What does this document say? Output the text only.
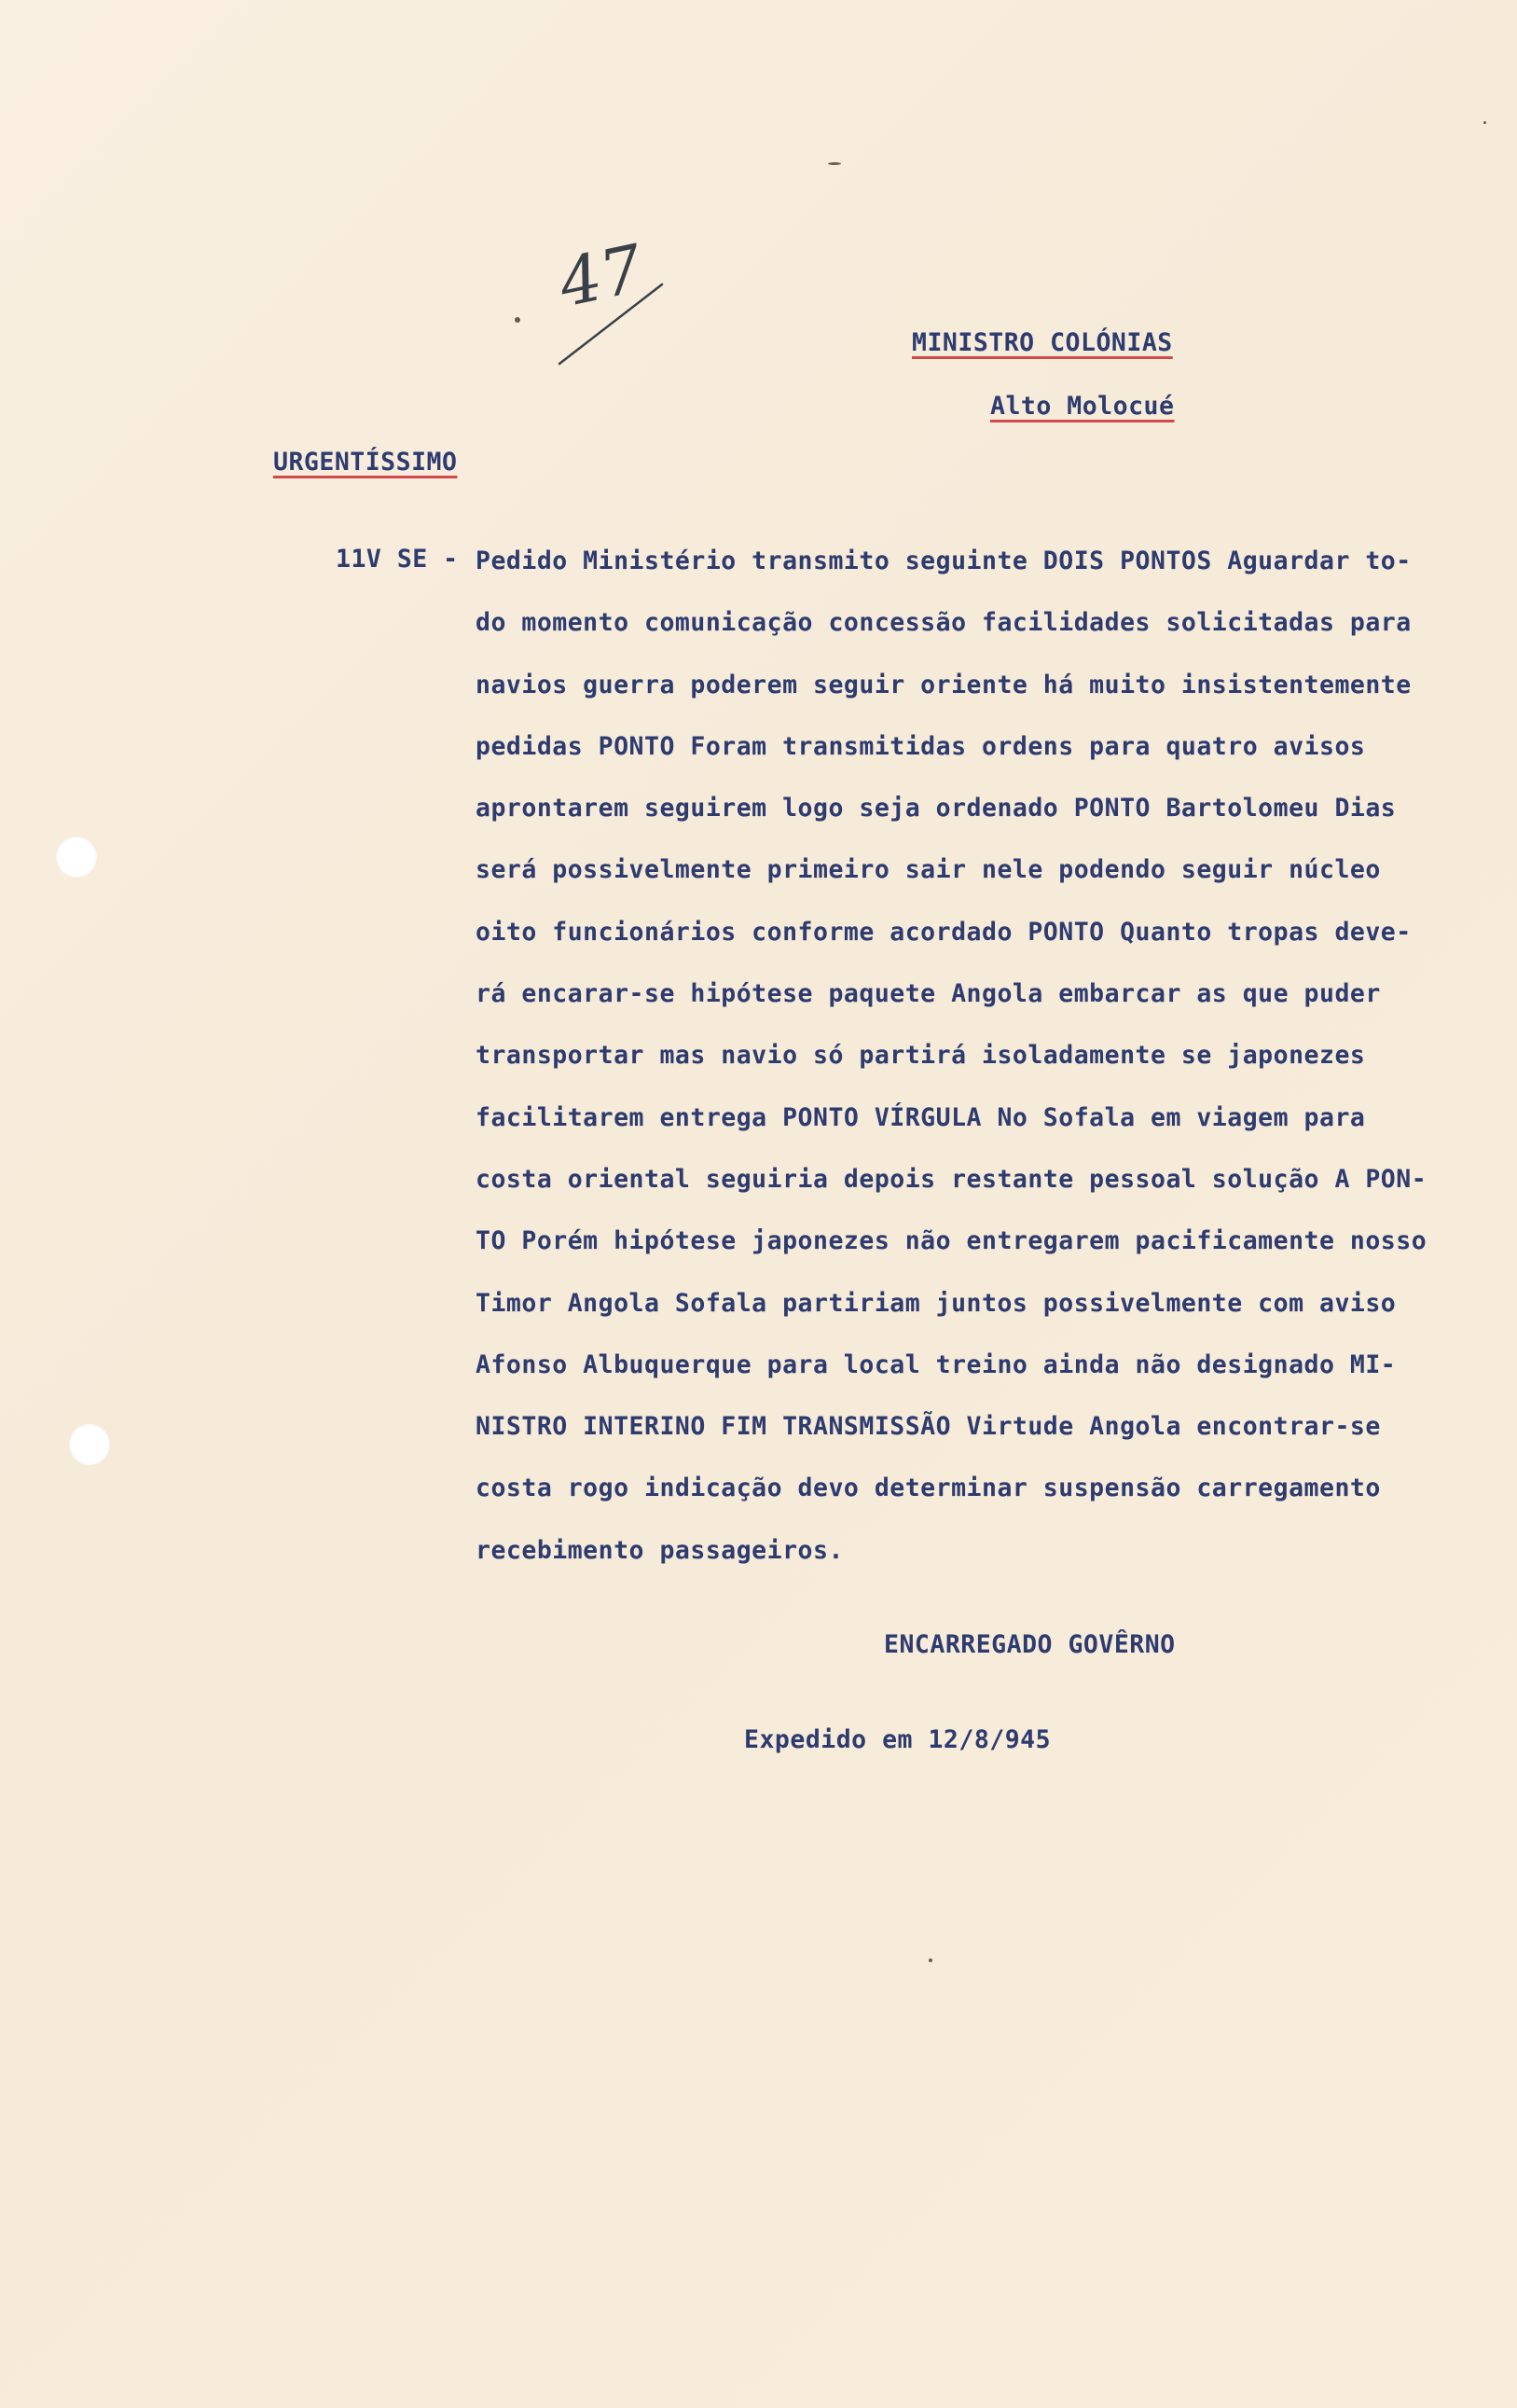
47
MINISTRO COLÓNIAS
Alto Molocué
URGENTÍSSIMO
11V SE - Pedido Ministério transmito seguinte DOIS PONTOS Aguardar to-
do momento comunicação concessão facilidades solicitadas para
navios guerra poderem seguir oriente há muito insistentemente
pedidas PONTO Foram transmitidas ordens para quatro avisos
aprontarem seguirem logo seja ordenado PONTO Bartolomeu Dias
será possivelmente primeiro sair nele podendo seguir núcleo
oito funcionários conforme acordado PONTO Quanto tropas deve-
rá encarar-se hipótese paquete Angola embarcar as que puder
transportar mas navio só partirá isoladamente se japonezes
facilitarem entrega PONTO VÍRGULA No Sofala em viagem para
costa oriental seguiria depois restante pessoal solução A PON-
TO Porém hipótese japonezes não entregarem pacificamente nosso
Timor Angola Sofala partiriam juntos possivelmente com aviso
Afonso Albuquerque para local treino ainda não designado MI-
NISTRO INTERINO FIM TRANSMISSÃO Virtude Angola encontrar-se
costa rogo indicação devo determinar suspensão carregamento
recebimento passageiros.
ENCARREGADO GOVÊRNO
Expedido em 12/8/945
